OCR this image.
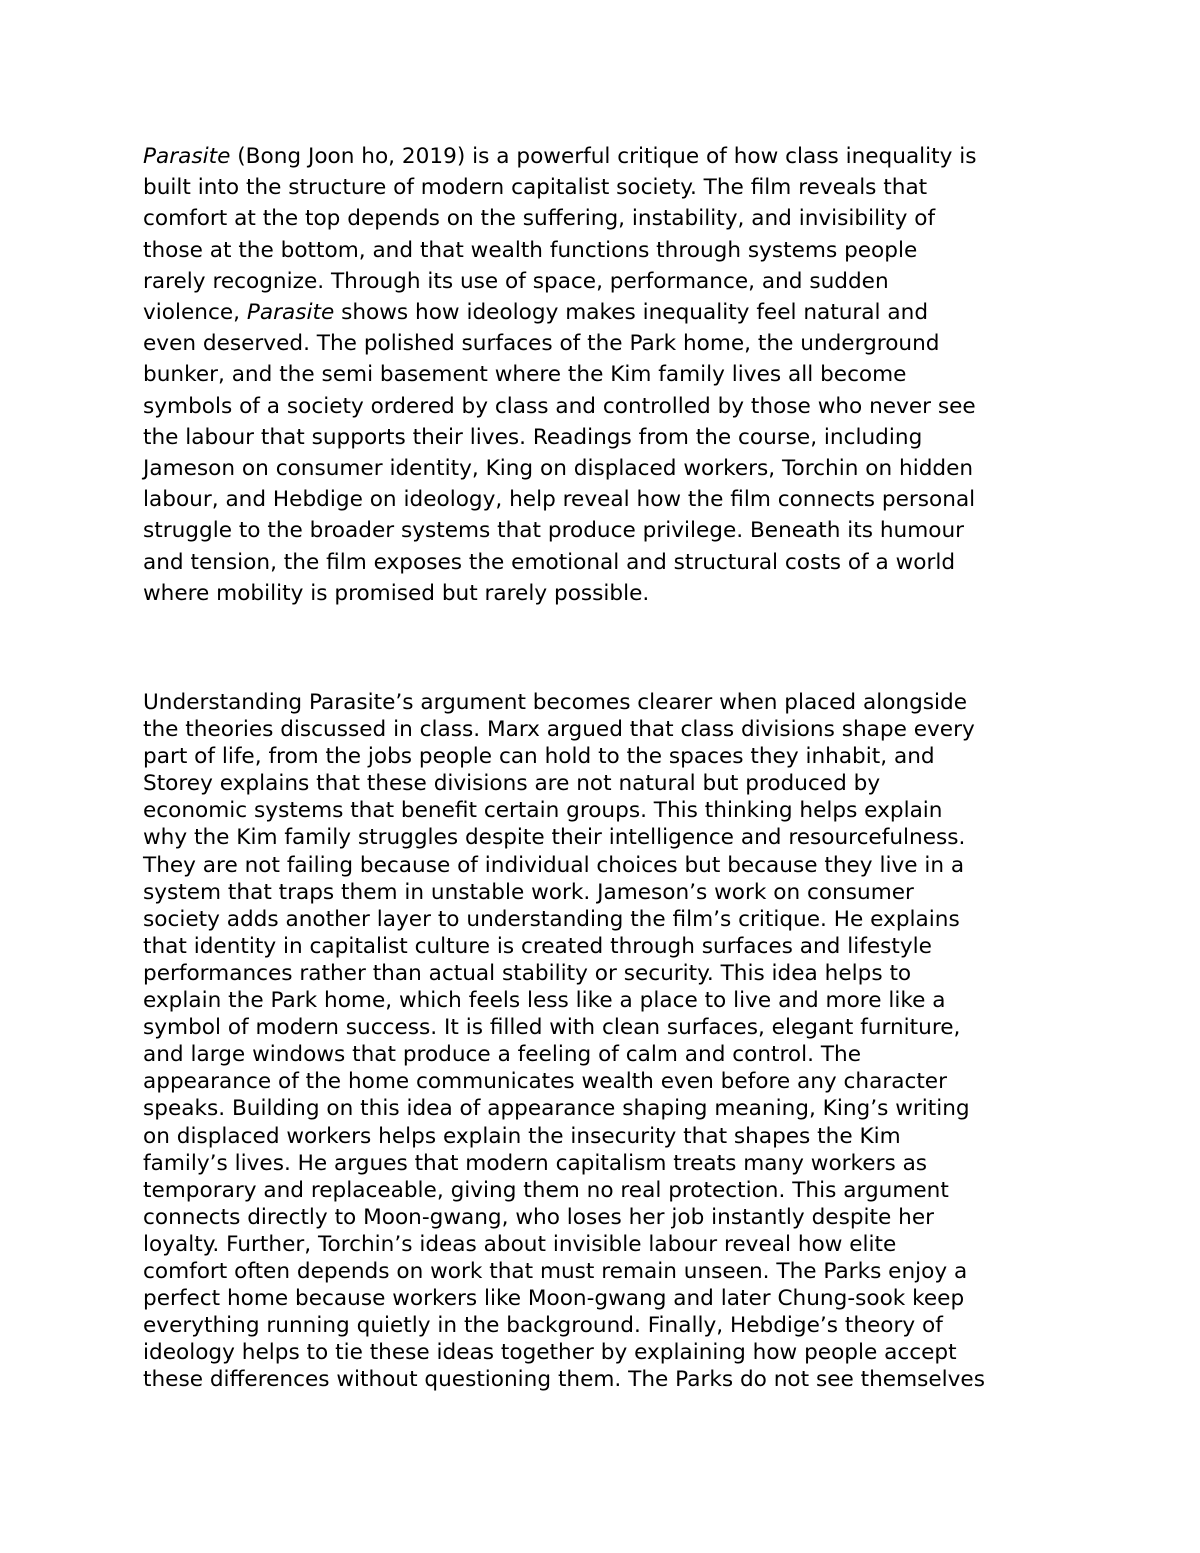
Parasite (Bong Joon ho, 2019) is a powerful critique of how class inequality is
built into the structure of modern capitalist society. The film reveals that
comfort at the top depends on the suffering, instability, and invisibility of
those at the bottom, and that wealth functions through systems people
rarely recognize. Through its use of space, performance, and sudden
violence, Parasite shows how ideology makes inequality feel natural and
even deserved. The polished surfaces of the Park home, the underground
bunker, and the semi basement where the Kim family lives all become
symbols of a society ordered by class and controlled by those who never see
the labour that supports their lives. Readings from the course, including
Jameson on consumer identity, King on displaced workers, Torchin on hidden
labour, and Hebdige on ideology, help reveal how the film connects personal
struggle to the broader systems that produce privilege. Beneath its humour
and tension, the film exposes the emotional and structural costs of a world
where mobility is promised but rarely possible.

Understanding Parasite’s argument becomes clearer when placed alongside
the theories discussed in class. Marx argued that class divisions shape every
part of life, from the jobs people can hold to the spaces they inhabit, and
Storey explains that these divisions are not natural but produced by
economic systems that benefit certain groups. This thinking helps explain
why the Kim family struggles despite their intelligence and resourcefulness.
They are not failing because of individual choices but because they live in a
system that traps them in unstable work. Jameson’s work on consumer
society adds another layer to understanding the film’s critique. He explains
that identity in capitalist culture is created through surfaces and lifestyle
performances rather than actual stability or security. This idea helps to
explain the Park home, which feels less like a place to live and more like a
symbol of modern success. It is filled with clean surfaces, elegant furniture,
and large windows that produce a feeling of calm and control. The
appearance of the home communicates wealth even before any character
speaks. Building on this idea of appearance shaping meaning, King’s writing
on displaced workers helps explain the insecurity that shapes the Kim
family’s lives. He argues that modern capitalism treats many workers as
temporary and replaceable, giving them no real protection. This argument
connects directly to Moon-gwang, who loses her job instantly despite her
loyalty. Further, Torchin’s ideas about invisible labour reveal how elite
comfort often depends on work that must remain unseen. The Parks enjoy a
perfect home because workers like Moon-gwang and later Chung-sook keep
everything running quietly in the background. Finally, Hebdige’s theory of
ideology helps to tie these ideas together by explaining how people accept
these differences without questioning them. The Parks do not see themselves
